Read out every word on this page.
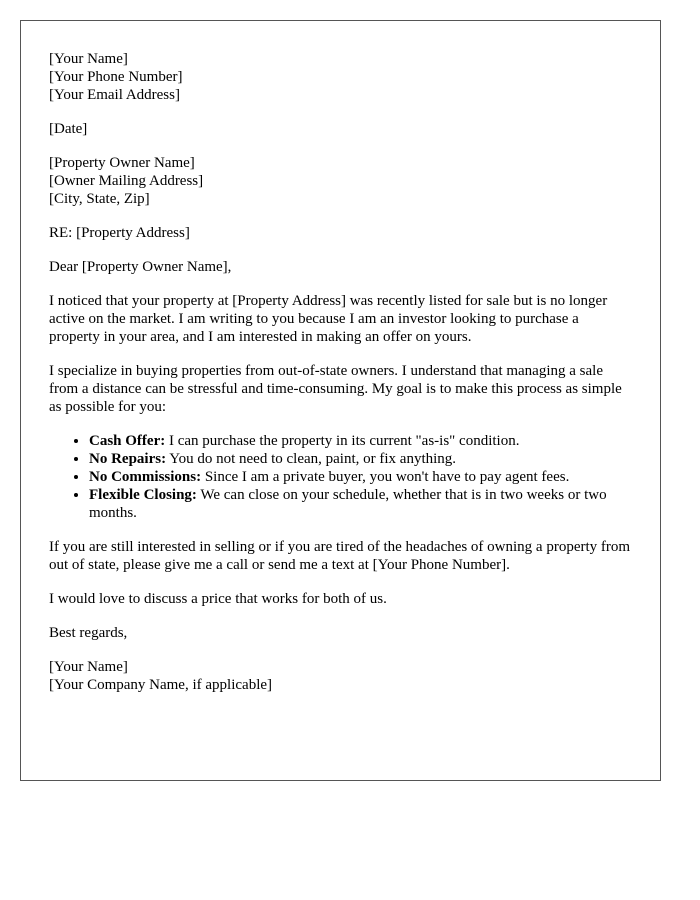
[Your Name]
[Your Phone Number]
[Your Email Address]

[Date]

[Property Owner Name]
[Owner Mailing Address]
[City, State, Zip]

RE: [Property Address]

Dear [Property Owner Name],

I noticed that your property at [Property Address] was recently listed for sale but is no longer active on the market. I am writing to you because I am an investor looking to purchase a property in your area, and I am interested in making an offer on yours.

I specialize in buying properties from out-of-state owners. I understand that managing a sale from a distance can be stressful and time-consuming. My goal is to make this process as simple as possible for you:

• Cash Offer: I can purchase the property in its current "as-is" condition.
• No Repairs: You do not need to clean, paint, or fix anything.
• No Commissions: Since I am a private buyer, you won't have to pay agent fees.
• Flexible Closing: We can close on your schedule, whether that is in two weeks or two months.

If you are still interested in selling or if you are tired of the headaches of owning a property from out of state, please give me a call or send me a text at [Your Phone Number].

I would love to discuss a price that works for both of us.

Best regards,

[Your Name]
[Your Company Name, if applicable]
